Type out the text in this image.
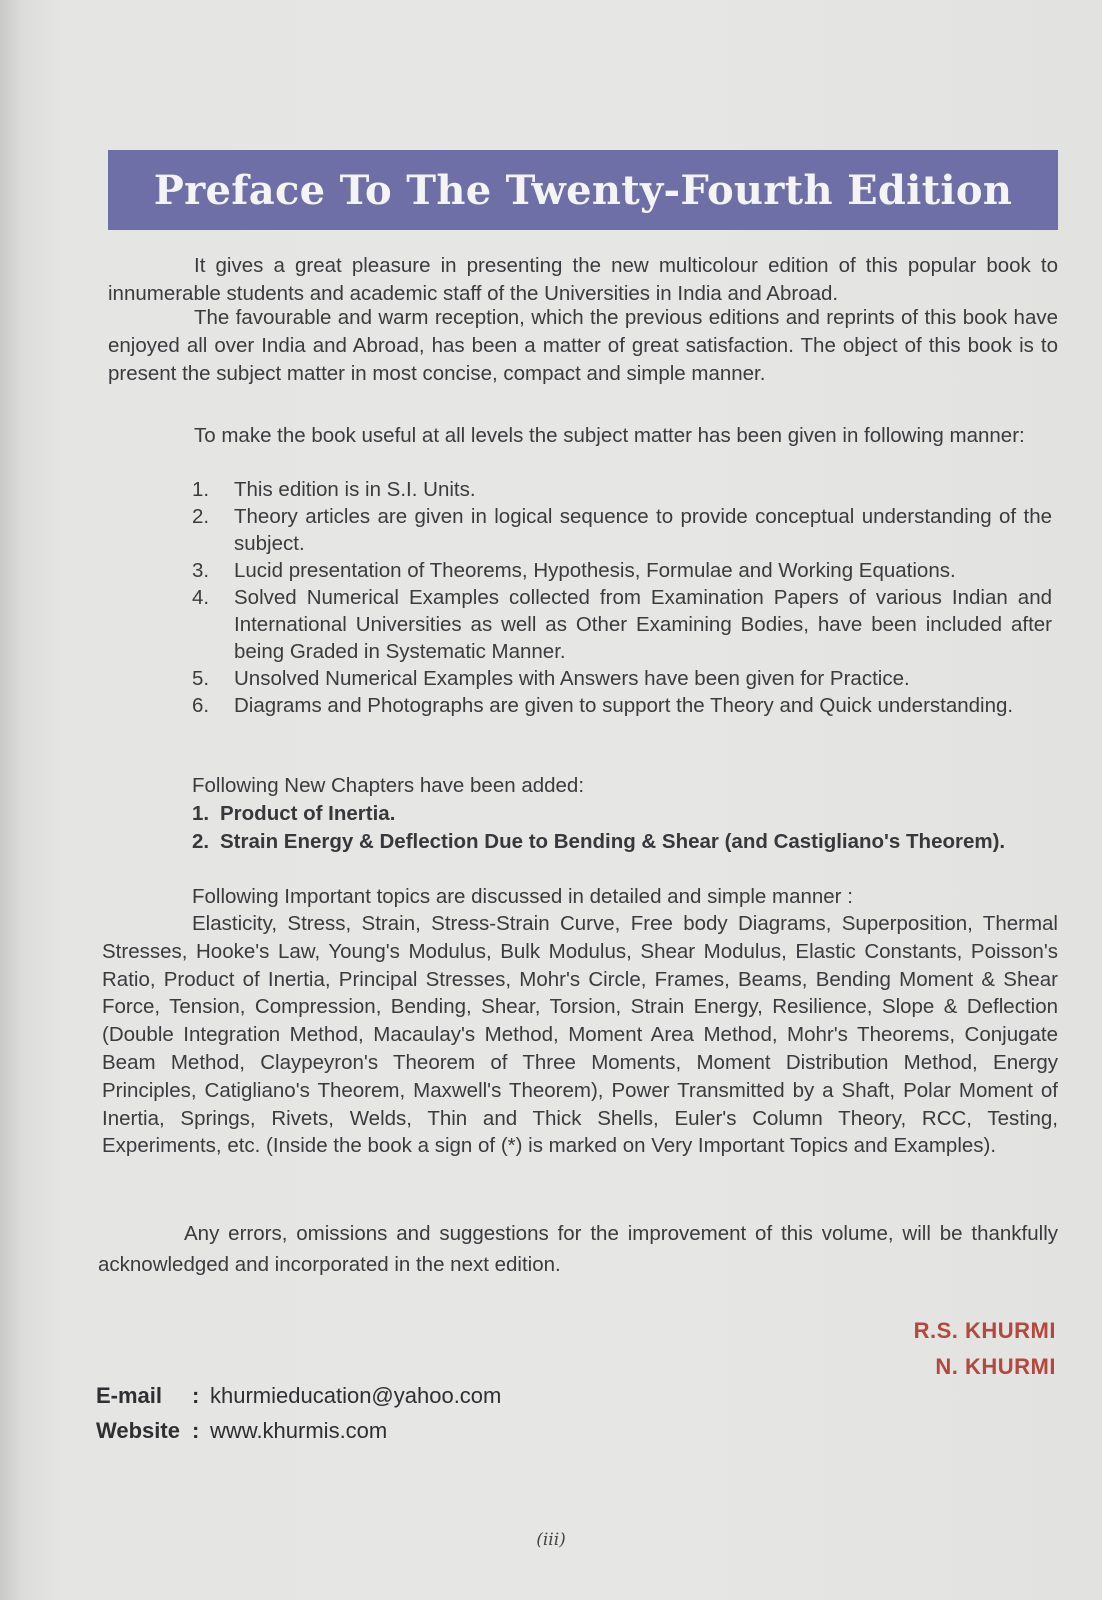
Preface To The Twenty-Fourth Edition
It gives a great pleasure in presenting the new multicolour edition of this popular book to innumerable students and academic staff of the Universities in India and Abroad.
The favourable and warm reception, which the previous editions and reprints of this book have enjoyed all over India and Abroad, has been a matter of great satisfaction. The object of this book is to present the subject matter in most concise, compact and simple manner.
To make the book useful at all levels the subject matter has been given in following manner:
1.	This edition is in S.I. Units.
2.	Theory articles are given in logical sequence to provide conceptual understanding of the subject.
3.	Lucid presentation of Theorems, Hypothesis, Formulae and Working Equations.
4.	Solved Numerical Examples collected from Examination Papers of various Indian and International Universities as well as Other Examining Bodies, have been included after being Graded in Systematic Manner.
5.	Unsolved Numerical Examples with Answers have been given for Practice.
6.	Diagrams and Photographs are given to support the Theory and Quick understanding.
Following New Chapters have been added:
1. Product of Inertia.
2. Strain Energy & Deflection Due to Bending & Shear (and Castigliano's Theorem).
Following Important topics are discussed in detailed and simple manner :
Elasticity, Stress, Strain, Stress-Strain Curve, Free body Diagrams, Superposition, Thermal Stresses, Hooke's Law, Young's Modulus, Bulk Modulus, Shear Modulus, Elastic Constants, Poisson's Ratio, Product of Inertia, Principal Stresses, Mohr's Circle, Frames, Beams, Bending Moment & Shear Force, Tension, Compression, Bending, Shear, Torsion, Strain Energy, Resilience, Slope & Deflection (Double Integration Method, Macaulay's Method, Moment Area Method, Mohr's Theorems, Conjugate Beam Method, Claypeyron's Theorem of Three Moments, Moment Distribution Method, Energy Principles, Catigliano's Theorem, Maxwell's Theorem), Power Transmitted by a Shaft, Polar Moment of Inertia, Springs, Rivets, Welds, Thin and Thick Shells, Euler's Column Theory, RCC, Testing, Experiments, etc. (Inside the book a sign of (*) is marked on Very Important Topics and Examples).
Any errors, omissions and suggestions for the improvement of this volume, will be thankfully acknowledged and incorporated in the next edition.
R.S. KHURMI
N. KHURMI
E-mail	: khurmieducation@yahoo.com
Website : www.khurmis.com
(iii)
